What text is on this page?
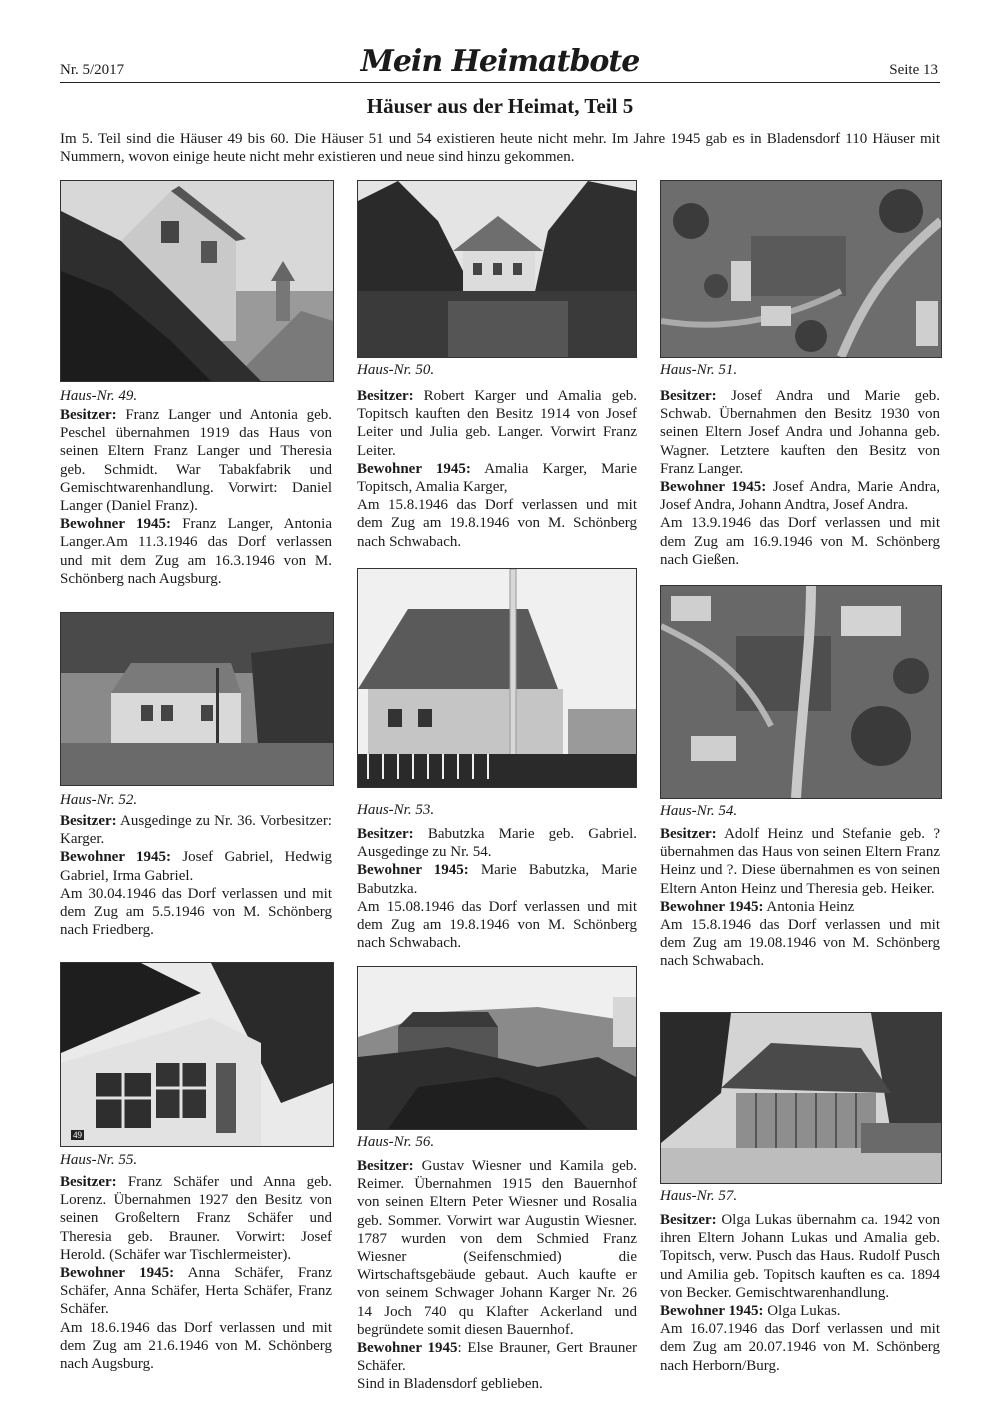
Nr. 5/2017	Mein Heimatbote	Seite 13
Häuser aus der Heimat, Teil 5
Im 5. Teil sind die Häuser 49 bis 60. Die Häuser 51 und 54 existieren heute nicht mehr. Im Jahre 1945 gab es in Bladensdorf 110 Häuser mit Nummern, wovon einige heute nicht mehr existieren und neue sind hinzu gekommen.
Haus-Nr. 49.
Besitzer: Franz Langer und Antonia geb. Peschel übernahmen 1919 das Haus von seinen Eltern Franz Langer und Theresia geb. Schmidt. War Tabakfabrik und Gemischtwarenhandlung. Vorwirt: Daniel Langer (Daniel Franz).
Bewohner 1945: Franz Langer, Antonia Langer.Am 11.3.1946 das Dorf verlassen und mit dem Zug am 16.3.1946 von M. Schönberg nach Augsburg.
Haus-Nr. 50.
Besitzer: Robert Karger und Amalia geb. Topitsch kauften den Besitz 1914 von Josef Leiter und Julia geb. Langer. Vorwirt Franz Leiter.
Bewohner 1945: Amalia Karger, Marie Topitsch, Amalia Karger,
Am 15.8.1946 das Dorf verlassen und mit dem Zug am 19.8.1946 von M. Schönberg nach Schwabach.
Haus-Nr. 51.
Besitzer: Josef Andra und Marie geb. Schwab. Übernahmen den Besitz 1930 von seinen Eltern Josef Andra und Johanna geb. Wagner. Letztere kauften den Besitz von Franz Langer.
Bewohner 1945: Josef Andra, Marie Andra, Josef Andra, Johann Andtra, Josef Andra.
Am 13.9.1946 das Dorf verlassen und mit dem Zug am 16.9.1946 von M. Schönberg nach Gießen.
Haus-Nr. 52.
Besitzer: Ausgedinge zu Nr. 36. Vorbesitzer: Karger.
Bewohner 1945: Josef Gabriel, Hedwig Gabriel, Irma Gabriel.
Am 30.04.1946 das Dorf verlassen und mit dem Zug am 5.5.1946 von M. Schönberg nach Friedberg.
Haus-Nr. 53.
Besitzer: Babutzka Marie geb. Gabriel. Ausgedinge zu Nr. 54.
Bewohner 1945: Marie Babutzka, Marie Babutzka.
Am 15.08.1946 das Dorf verlassen und mit dem Zug am 19.8.1946 von M. Schönberg nach Schwabach.
Haus-Nr. 54.
Besitzer: Adolf Heinz und Stefanie geb. ? übernahmen das Haus von seinen Eltern Franz Heinz und ?. Diese übernahmen es von seinen Eltern Anton Heinz und Theresia geb. Heiker.
Bewohner 1945: Antonia Heinz
Am 15.8.1946 das Dorf verlassen und mit dem Zug am 19.08.1946 von M. Schönberg nach Schwabach.
49
Haus-Nr. 55.
Besitzer: Franz Schäfer und Anna geb. Lorenz. Übernahmen 1927 den Besitz von seinen Großeltern Franz Schäfer und Theresia geb. Brauner. Vorwirt: Josef Herold. (Schäfer war Tischlermeister).
Bewohner 1945: Anna Schäfer, Franz Schäfer, Anna Schäfer, Herta Schäfer, Franz Schäfer.
Am 18.6.1946 das Dorf verlassen und mit dem Zug am 21.6.1946 von M. Schönberg nach Augsburg.
Haus-Nr. 56.
Besitzer: Gustav Wiesner und Kamila geb. Reimer. Übernahmen 1915 den Bauernhof von seinen Eltern Peter Wiesner und Rosalia geb. Sommer. Vorwirt war Augustin Wiesner. 1787 wurden von dem Schmied Franz Wiesner (Seifenschmied) die Wirtschaftsgebäude gebaut. Auch kaufte er von seinem Schwager Johann Karger Nr. 26 14 Joch 740 qu Klafter Ackerland und begründete somit diesen Bauernhof.
Bewohner 1945: Else Brauner, Gert Brauner Schäfer.
Sind in Bladensdorf geblieben.
Haus-Nr. 57.
Besitzer: Olga Lukas übernahm ca. 1942 von ihren Eltern Johann Lukas und Amalia geb. Topitsch, verw. Pusch das Haus. Rudolf Pusch und Amilia geb. Topitsch kauften es ca. 1894 von Becker. Gemischtwarenhandlung.
Bewohner 1945: Olga Lukas.
Am 16.07.1946 das Dorf verlassen und mit dem Zug am 20.07.1946 von M. Schönberg nach Herborn/Burg.
